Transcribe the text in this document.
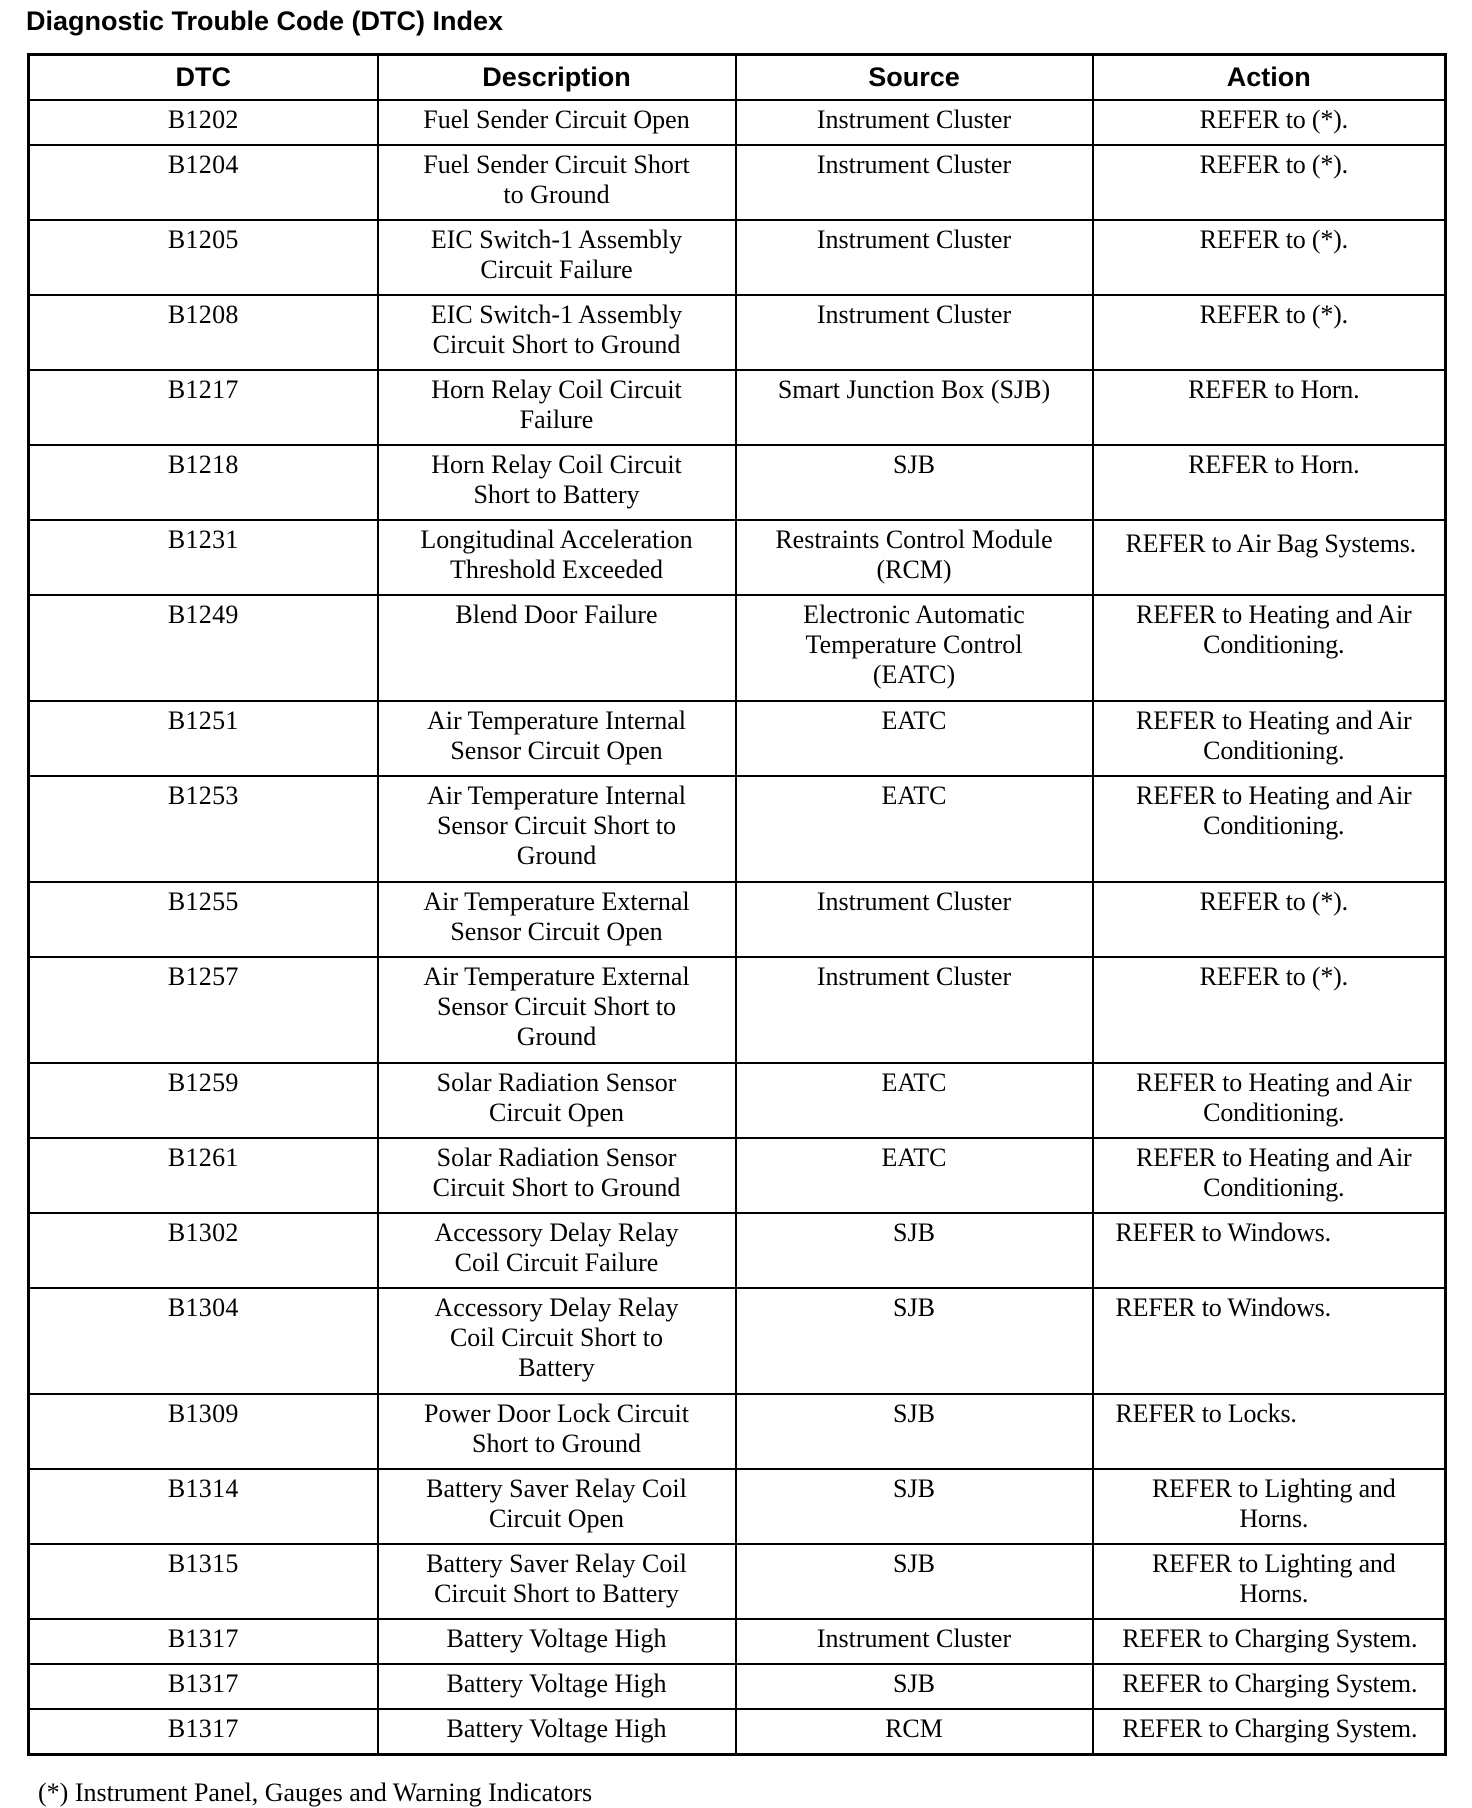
Diagnostic Trouble Code (DTC) Index
DTC	Description	Source	Action
B1202	Fuel Sender Circuit Open	Instrument Cluster	REFER to (*).
B1204	Fuel Sender Circuit Short
to Ground	Instrument Cluster	REFER to (*).
B1205	EIC Switch-1 Assembly
Circuit Failure	Instrument Cluster	REFER to (*).
B1208	EIC Switch-1 Assembly
Circuit Short to Ground	Instrument Cluster	REFER to (*).
B1217	Horn Relay Coil Circuit
Failure	Smart Junction Box (SJB)	REFER to Horn.
B1218	Horn Relay Coil Circuit
Short to Battery	SJB	REFER to Horn.
B1231	Longitudinal Acceleration
Threshold Exceeded	Restraints Control Module
(RCM)	REFER to Air Bag Systems.
B1249	Blend Door Failure	Electronic Automatic
Temperature Control
(EATC)	REFER to Heating and Air
Conditioning.
B1251	Air Temperature Internal
Sensor Circuit Open	EATC	REFER to Heating and Air
Conditioning.
B1253	Air Temperature Internal
Sensor Circuit Short to
Ground	EATC	REFER to Heating and Air
Conditioning.
B1255	Air Temperature External
Sensor Circuit Open	Instrument Cluster	REFER to (*).
B1257	Air Temperature External
Sensor Circuit Short to
Ground	Instrument Cluster	REFER to (*).
B1259	Solar Radiation Sensor
Circuit Open	EATC	REFER to Heating and Air
Conditioning.
B1261	Solar Radiation Sensor
Circuit Short to Ground	EATC	REFER to Heating and Air
Conditioning.
B1302	Accessory Delay Relay
Coil Circuit Failure	SJB	REFER to Windows.
B1304	Accessory Delay Relay
Coil Circuit Short to
Battery	SJB	REFER to Windows.
B1309	Power Door Lock Circuit
Short to Ground	SJB	REFER to Locks.
B1314	Battery Saver Relay Coil
Circuit Open	SJB	REFER to Lighting and
Horns.
B1315	Battery Saver Relay Coil
Circuit Short to Battery	SJB	REFER to Lighting and
Horns.
B1317	Battery Voltage High	Instrument Cluster	REFER to Charging System.
B1317	Battery Voltage High	SJB	REFER to Charging System.
B1317	Battery Voltage High	RCM	REFER to Charging System.
(*) Instrument Panel, Gauges and Warning Indicators
